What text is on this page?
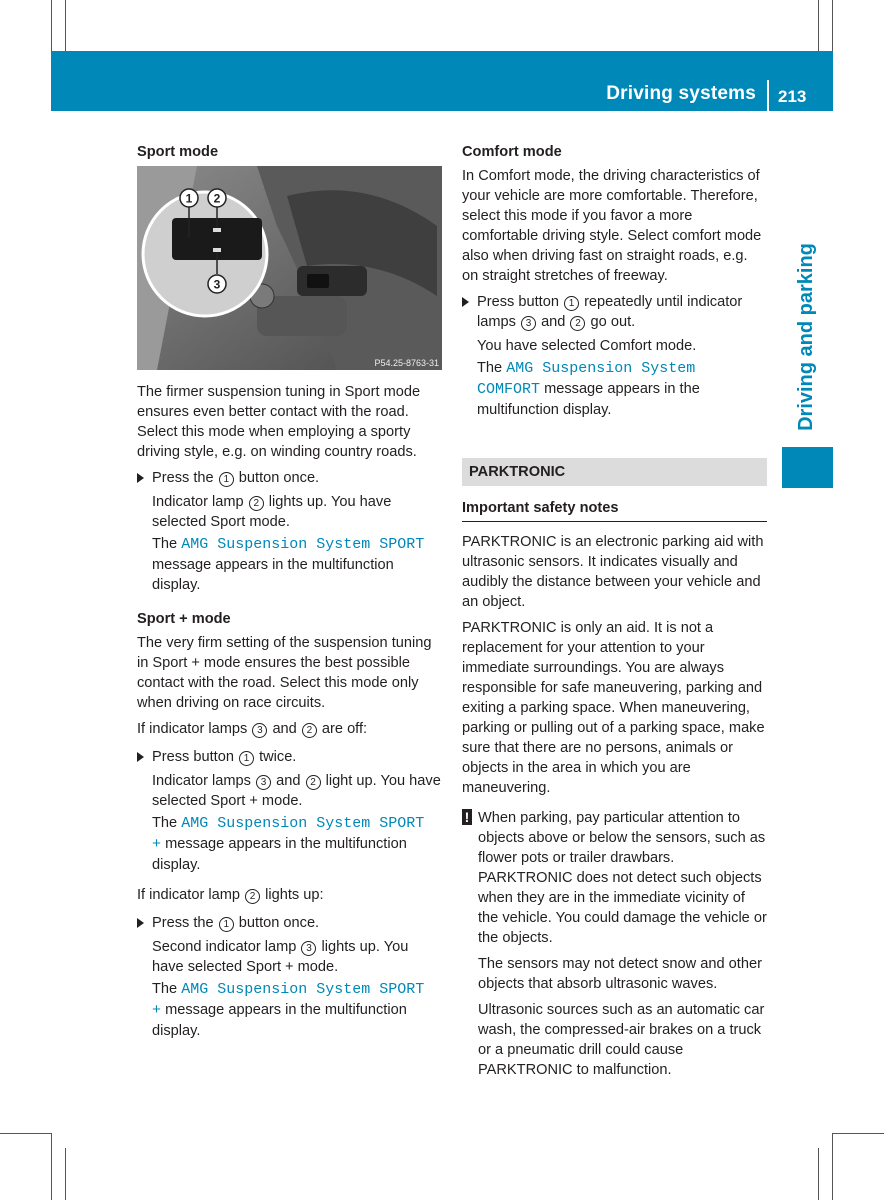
Driving systems 213
Driving and parking
Sport mode
1 2
3
P54.25-8763-31

The firmer suspension tuning in Sport mode ensures even better contact with the road. Select this mode when employing a sporty driving style, e.g. on winding country roads.

Press the 1 button once.
Indicator lamp 2 lights up. You have selected Sport mode.
The AMG Suspension System SPORT message appears in the multifunction display.
Sport + mode

The very firm setting of the suspension tuning in Sport + mode ensures the best possible contact with the road. Select this mode only when driving on race circuits.

If indicator lamps 3 and 2 are off:

Press button 1 twice.
Indicator lamps 3 and 2 light up. You have selected Sport + mode.
The AMG Suspension System SPORT + message appears in the multifunction display.

If indicator lamp 2 lights up:

Press the 1 button once.
Second indicator lamp 3 lights up. You have selected Sport + mode.
The AMG Suspension System SPORT + message appears in the multifunction display.
Comfort mode

In Comfort mode, the driving characteristics of your vehicle are more comfortable. Therefore, select this mode if you favor a more comfortable driving style. Select comfort mode also when driving fast on straight roads, e.g. on straight stretches of freeway.

Press button 1 repeatedly until indicator lamps 3 and 2 go out.
You have selected Comfort mode.
The AMG Suspension System COMFORT message appears in the multifunction display.
PARKTRONIC
Important safety notes

PARKTRONIC is an electronic parking aid with ultrasonic sensors. It indicates visually and audibly the distance between your vehicle and an object.

PARKTRONIC is only an aid. It is not a replacement for your attention to your immediate surroundings. You are always responsible for safe maneuvering, parking and exiting a parking space. When maneuvering, parking or pulling out of a parking space, make sure that there are no persons, animals or objects in the area in which you are maneuvering.

! When parking, pay particular attention to objects above or below the sensors, such as flower pots or trailer drawbars. PARKTRONIC does not detect such objects when they are in the immediate vicinity of the vehicle. You could damage the vehicle or the objects.

The sensors may not detect snow and other objects that absorb ultrasonic waves.

Ultrasonic sources such as an automatic car wash, the compressed-air brakes on a truck or a pneumatic drill could cause PARKTRONIC to malfunction.
